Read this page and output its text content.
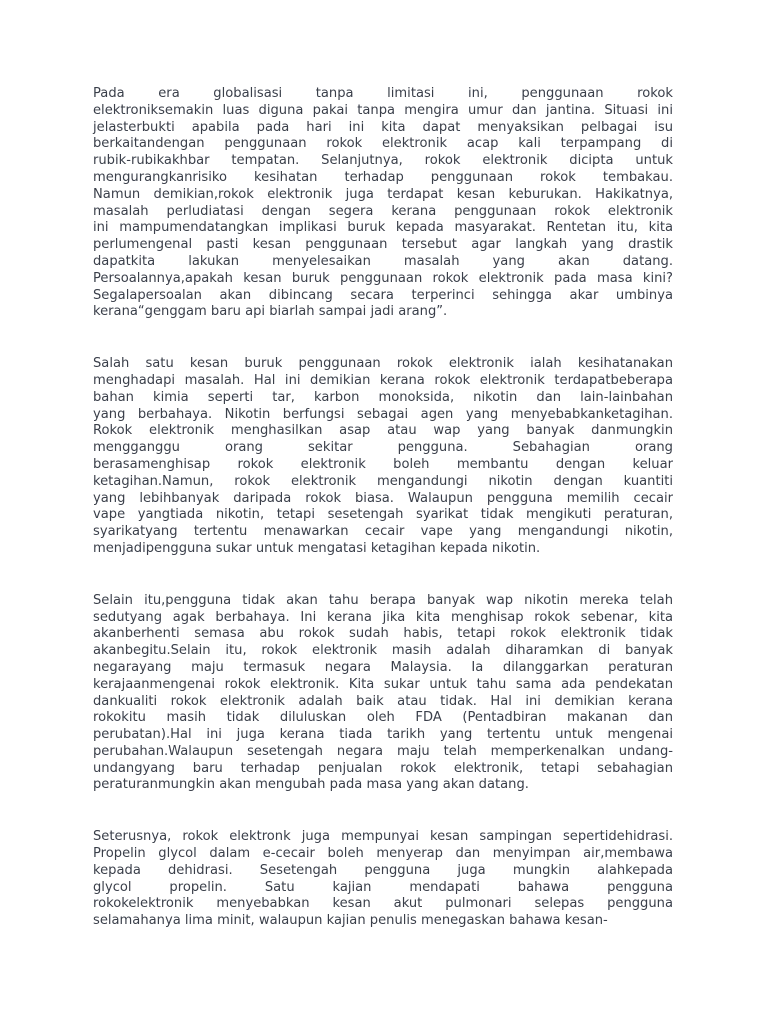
Pada era globalisasi tanpa limitasi ini, penggunaan rokok
elektroniksemakin luas diguna pakai tanpa mengira umur dan jantina. Situasi ini
jelasterbukti apabila pada hari ini kita dapat menyaksikan pelbagai isu
berkaitandengan penggunaan rokok elektronik acap kali terpampang di
rubik-rubikakhbar tempatan. Selanjutnya, rokok elektronik dicipta untuk
mengurangkanrisiko kesihatan terhadap penggunaan rokok tembakau.
Namun demikian,rokok elektronik juga terdapat kesan keburukan. Hakikatnya,
masalah perludiatasi dengan segera kerana penggunaan rokok elektronik
ini mampumendatangkan implikasi buruk kepada masyarakat. Rentetan itu, kita
perlumengenal pasti kesan penggunaan tersebut agar langkah yang drastik
dapatkita lakukan menyelesaikan masalah yang akan datang.
Persoalannya,apakah kesan buruk penggunaan rokok elektronik pada masa kini?
Segalapersoalan akan dibincang secara terperinci sehingga akar umbinya
kerana“genggam baru api biarlah sampai jadi arang”.

Salah satu kesan buruk penggunaan rokok elektronik ialah kesihatanakan
menghadapi masalah. Hal ini demikian kerana rokok elektronik terdapatbeberapa
bahan kimia seperti tar, karbon monoksida, nikotin dan lain-lainbahan
yang berbahaya. Nikotin berfungsi sebagai agen yang menyebabkanketagihan.
Rokok elektronik menghasilkan asap atau wap yang banyak danmungkin
mengganggu orang sekitar pengguna. Sebahagian orang
berasamenghisap rokok elektronik boleh membantu dengan keluar
ketagihan.Namun, rokok elektronik mengandungi nikotin dengan kuantiti
yang lebihbanyak daripada rokok biasa. Walaupun pengguna memilih cecair
vape yangtiada nikotin, tetapi sesetengah syarikat tidak mengikuti peraturan,
syarikatyang tertentu menawarkan cecair vape yang mengandungi nikotin,
menjadipengguna sukar untuk mengatasi ketagihan kepada nikotin.

Selain itu,pengguna tidak akan tahu berapa banyak wap nikotin mereka telah
sedutyang agak berbahaya. Ini kerana jika kita menghisap rokok sebenar, kita
akanberhenti semasa abu rokok sudah habis, tetapi rokok elektronik tidak
akanbegitu.Selain itu, rokok elektronik masih adalah diharamkan di banyak
negarayang maju termasuk negara Malaysia. Ia dilanggarkan peraturan
kerajaanmengenai rokok elektronik. Kita sukar untuk tahu sama ada pendekatan
dankualiti rokok elektronik adalah baik atau tidak. Hal ini demikian kerana
rokokitu masih tidak diluluskan oleh FDA (Pentadbiran makanan dan
perubatan).Hal ini juga kerana tiada tarikh yang tertentu untuk mengenai
perubahan.Walaupun sesetengah negara maju telah memperkenalkan undang-
undangyang baru terhadap penjualan rokok elektronik, tetapi sebahagian
peraturanmungkin akan mengubah pada masa yang akan datang.

Seterusnya, rokok elektronk juga mempunyai kesan sampingan sepertidehidrasi.
Propelin glycol dalam e-cecair boleh menyerap dan menyimpan air,membawa
kepada dehidrasi. Sesetengah pengguna juga mungkin alahkepada
glycol propelin. Satu kajian mendapati bahawa pengguna
rokokelektronik menyebabkan kesan akut pulmonari selepas pengguna
selamahanya lima minit, walaupun kajian penulis menegaskan bahawa kesan-
